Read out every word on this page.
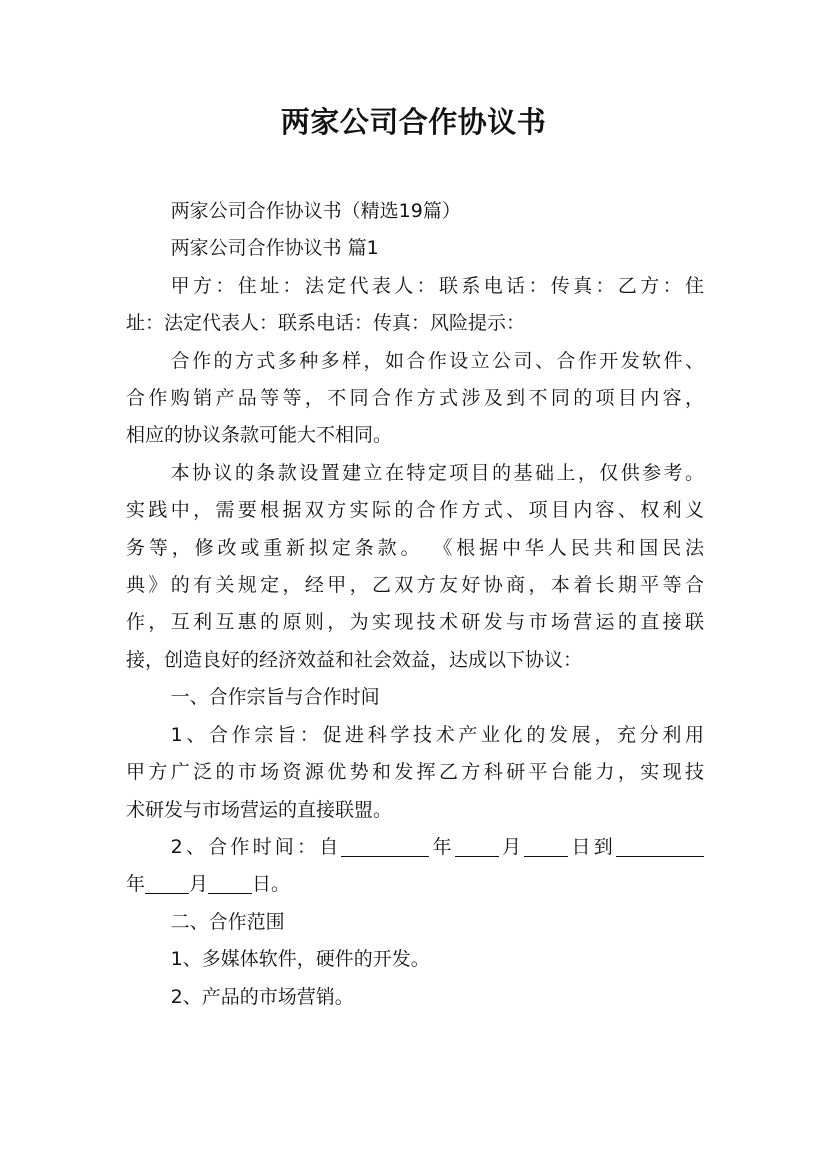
两家公司合作协议书

两家公司合作协议书（精选19篇）

两家公司合作协议书 篇1

甲方：住址：法定代表人：联系电话：传真：乙方：住
址：法定代表人：联系电话：传真：风险提示：

合作的方式多种多样，如合作设立公司、合作开发软件、
合作购销产品等等，不同合作方式涉及到不同的项目内容，
相应的协议条款可能大不相同。

本协议的条款设置建立在特定项目的基础上，仅供参考。
实践中，需要根据双方实际的合作方式、项目内容、权利义
务等，修改或重新拟定条款。 《根据中华人民共和国民法
典》的有关规定，经甲，乙双方友好协商，本着长期平等合
作，互利互惠的原则，为实现技术研发与市场营运的直接联
接，创造良好的经济效益和社会效益，达成以下协议：

一、合作宗旨与合作时间

1、合作宗旨：促进科学技术产业化的发展，充分利用
甲方广泛的市场资源优势和发挥乙方科研平台能力，实现技
术研发与市场营运的直接联盟。

2、合作时间：自	年 月 日到
年 月 日。

二、合作范围

1、多媒体软件，硬件的开发。

2、产品的市场营销。
